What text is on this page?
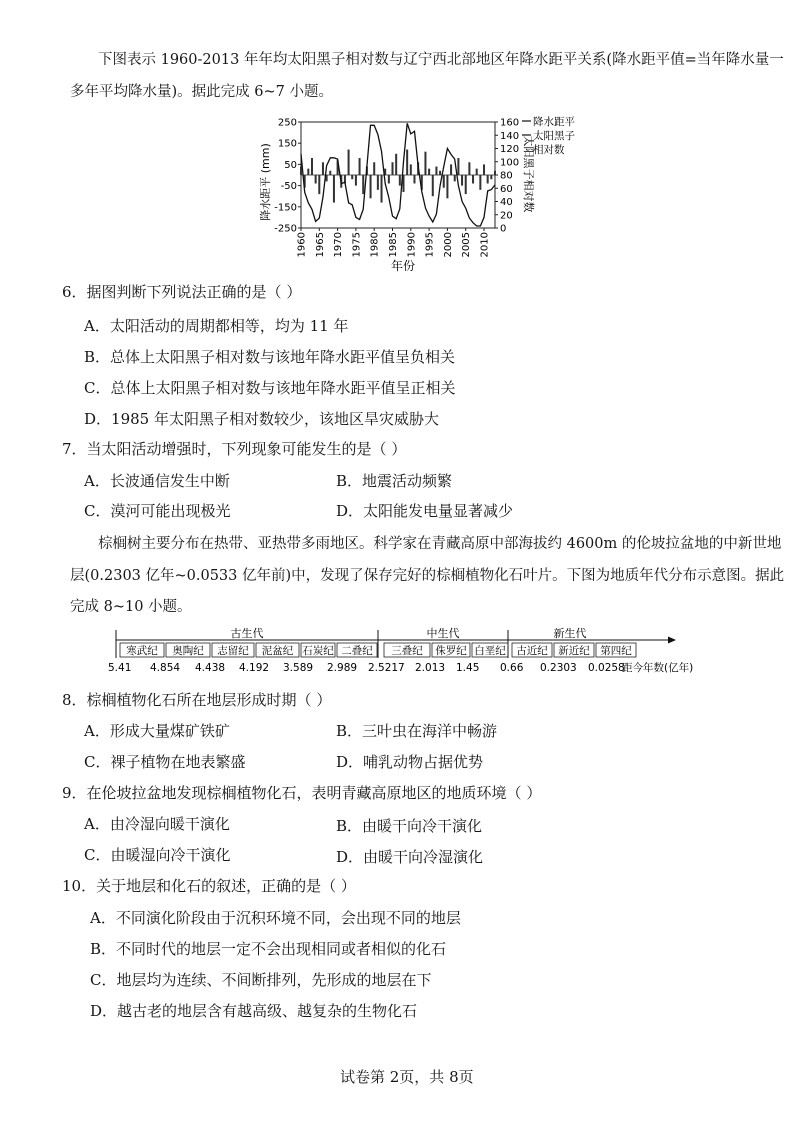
下图表示 1960-2013 年年均太阳黑子相对数与辽宁西北部地区年降水距平关系(降水距平值=当年降水量一
多年平均降水量)。据此完成 6~7 小题。
250
150
50
-50
-150
-250
160
140
120
100
80
60
40
20
0
1960 1965 1970 1975 1980 1985 1990 1995 2000 2005 2010
降水距平
太阳黑子
相对数
降水距平 (mm)	太阳黑子相对数
年份
6．据图判断下列说法正确的是（ ）
A．太阳活动的周期都相等，均为 11 年
B．总体上太阳黑子相对数与该地年降水距平值呈负相关
C．总体上太阳黑子相对数与该地年降水距平值呈正相关
D．1985 年太阳黑子相对数较少，该地区旱灾威胁大
7．当太阳活动增强时，下列现象可能发生的是（ ）
A．长波通信发生中断	B．地震活动频繁
C．漠河可能出现极光	D．太阳能发电量显著减少
棕榈树主要分布在热带、亚热带多雨地区。科学家在青藏高原中部海拔约 4600m 的伦坡拉盆地的中新世地
层(0.2303 亿年~0.0533 亿年前)中，发现了保存完好的棕榈植物化石叶片。下图为地质年代分布示意图。据此
完成 8~10 小题。
古生代	中生代	新生代
寒武纪 奥陶纪 志留纪 泥盆纪 石炭纪 二叠纪 三叠纪 侏罗纪 白垩纪 古近纪 新近纪 第四纪
5.41 4.854 4.438 4.192 3.589 2.989 2.5217 2.013 1.45 0.66 0.2303 0.0258
距今年数(亿年)
8．棕榈植物化石所在地层形成时期（ ）
A．形成大量煤矿铁矿	B．三叶虫在海洋中畅游
C．裸子植物在地表繁盛	D．哺乳动物占据优势
9．在伦坡拉盆地发现棕榈植物化石，表明青藏高原地区的地质环境（ ）
A．由冷湿向暖干演化	B．由暖干向冷干演化
C．由暖湿向冷干演化	D．由暖干向冷湿演化
10．关于地层和化石的叙述，正确的是（ ）
A．不同演化阶段由于沉积环境不同，会出现不同的地层
B．不同时代的地层一定不会出现相同或者相似的化石
C．地层均为连续、不间断排列，先形成的地层在下
D．越古老的地层含有越高级、越复杂的生物化石
试卷第 2页，共 8页
